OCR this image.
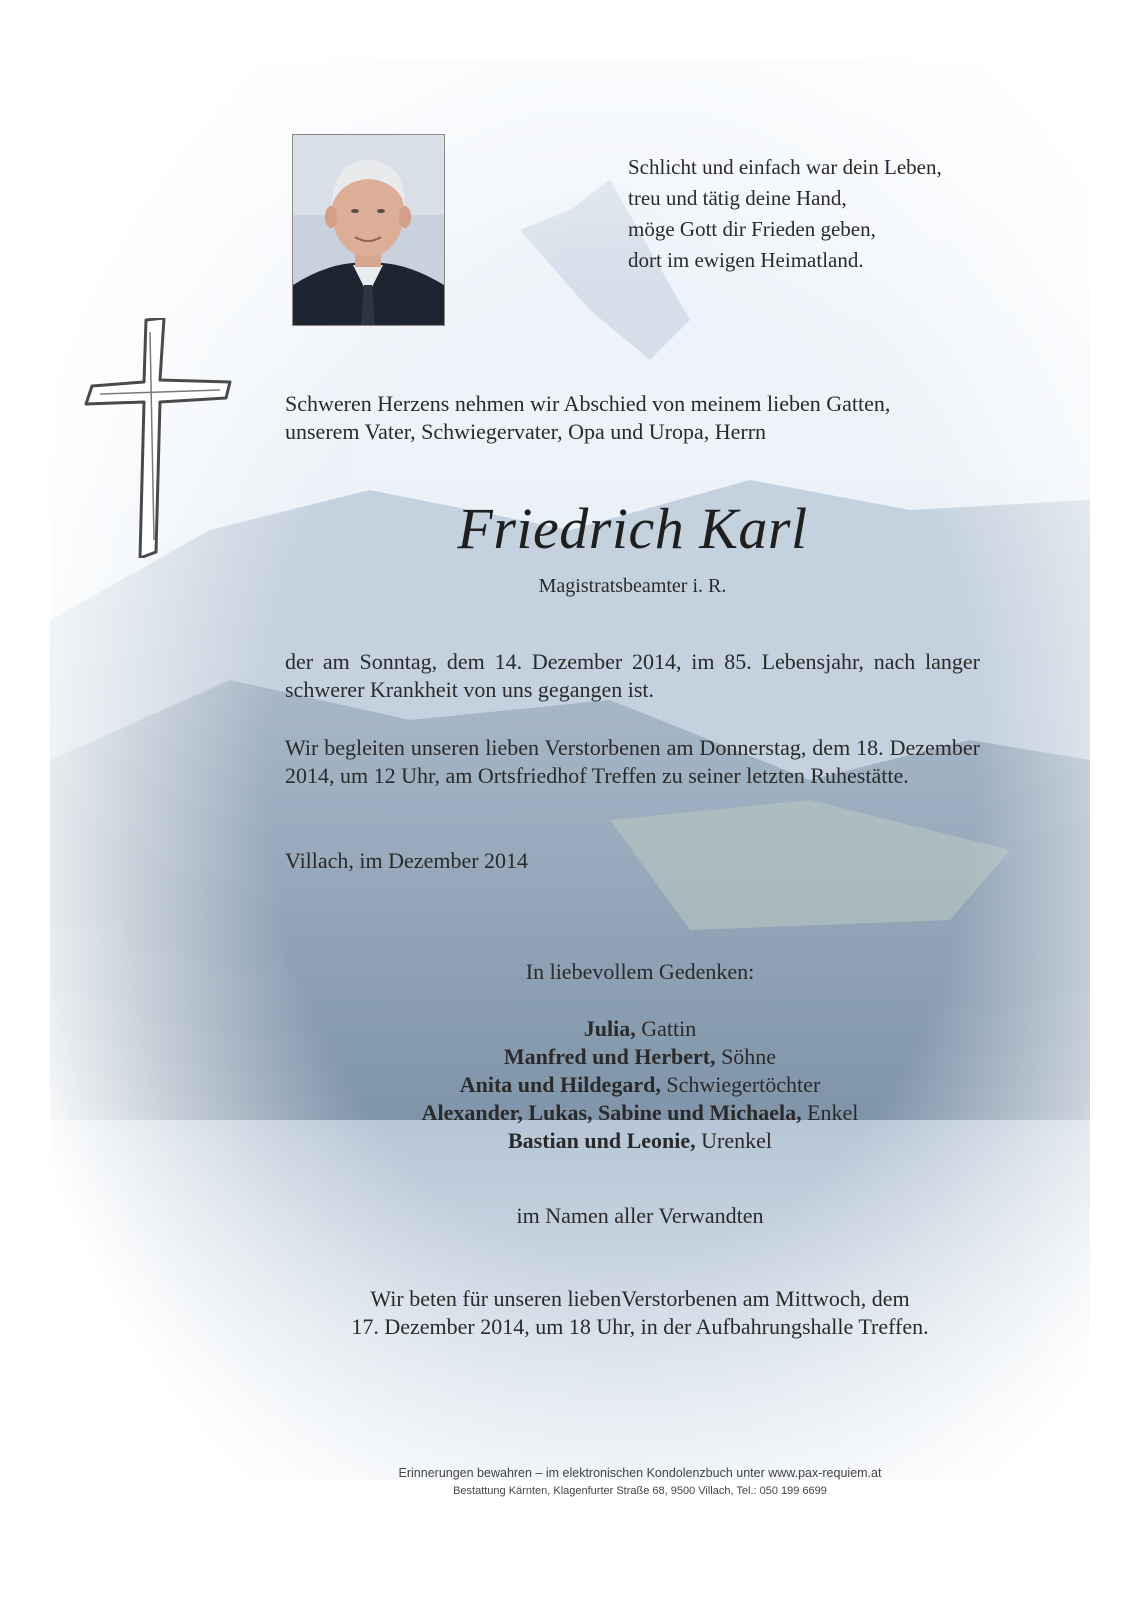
Schlicht und einfach war dein Leben,
treu und tätig deine Hand,
möge Gott dir Frieden geben,
dort im ewigen Heimatland.
Schweren Herzens nehmen wir Abschied von meinem lieben Gatten,
unserem Vater, Schwiegervater, Opa und Uropa, Herrn
Friedrich Karl
Magistratsbeamter i. R.
der am Sonntag, dem 14. Dezember 2014, im 85. Lebensjahr, nach langer schwerer Krankheit von uns gegangen ist.
Wir begleiten unseren lieben Verstorbenen am Donnerstag, dem 18. Dezember 2014, um 12 Uhr, am Ortsfriedhof Treffen zu seiner letzten Ruhestätte.
Villach, im Dezember 2014
In liebevollem Gedenken:
Julia, Gattin
Manfred und Herbert, Söhne
Anita und Hildegard, Schwiegertöchter
Alexander, Lukas, Sabine und Michaela, Enkel
Bastian und Leonie, Urenkel
im Namen aller Verwandten
Wir beten für unseren liebenVerstorbenen am Mittwoch, dem
17. Dezember 2014, um 18 Uhr, in der Aufbahrungshalle Treffen.
Erinnerungen bewahren – im elektronischen Kondolenzbuch unter www.pax-requiem.at
Bestattung Kärnten, Klagenfurter Straße 68, 9500 Villach, Tel.: 050 199 6699
